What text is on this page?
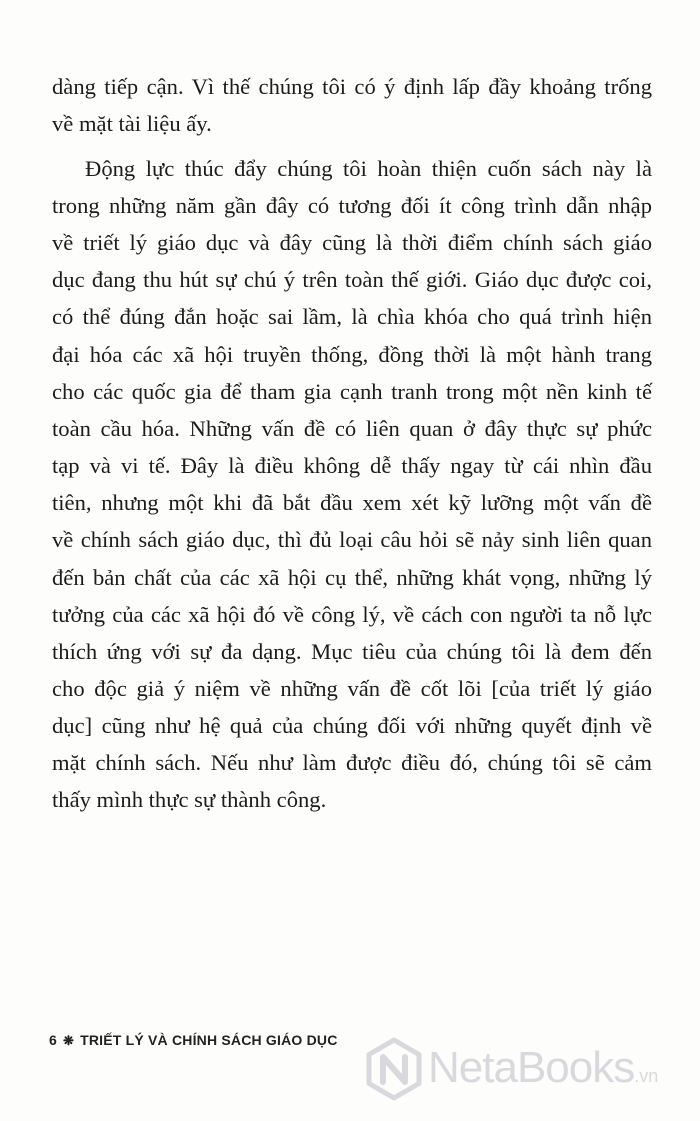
dàng tiếp cận. Vì thế chúng tôi có ý định lấp đầy khoảng trống
về mặt tài liệu ấy.
Động lực thúc đẩy chúng tôi hoàn thiện cuốn sách này là
trong những năm gần đây có tương đối ít công trình dẫn nhập
về triết lý giáo dục và đây cũng là thời điểm chính sách giáo
dục đang thu hút sự chú ý trên toàn thế giới. Giáo dục được coi,
có thể đúng đắn hoặc sai lầm, là chìa khóa cho quá trình hiện
đại hóa các xã hội truyền thống, đồng thời là một hành trang
cho các quốc gia để tham gia cạnh tranh trong một nền kinh tế
toàn cầu hóa. Những vấn đề có liên quan ở đây thực sự phức
tạp và vi tế. Đây là điều không dễ thấy ngay từ cái nhìn đầu
tiên, nhưng một khi đã bắt đầu xem xét kỹ lưỡng một vấn đề
về chính sách giáo dục, thì đủ loại câu hỏi sẽ nảy sinh liên quan
đến bản chất của các xã hội cụ thể, những khát vọng, những lý
tưởng của các xã hội đó về công lý, về cách con người ta nỗ lực
thích ứng với sự đa dạng. Mục tiêu của chúng tôi là đem đến
cho độc giả ý niệm về những vấn đề cốt lõi [của triết lý giáo
dục] cũng như hệ quả của chúng đối với những quyết định về
mặt chính sách. Nếu như làm được điều đó, chúng tôi sẽ cảm
thấy mình thực sự thành công.
6 ❋ TRIẾT LÝ VÀ CHÍNH SÁCH GIÁO DỤC
NetaBooks.vn
